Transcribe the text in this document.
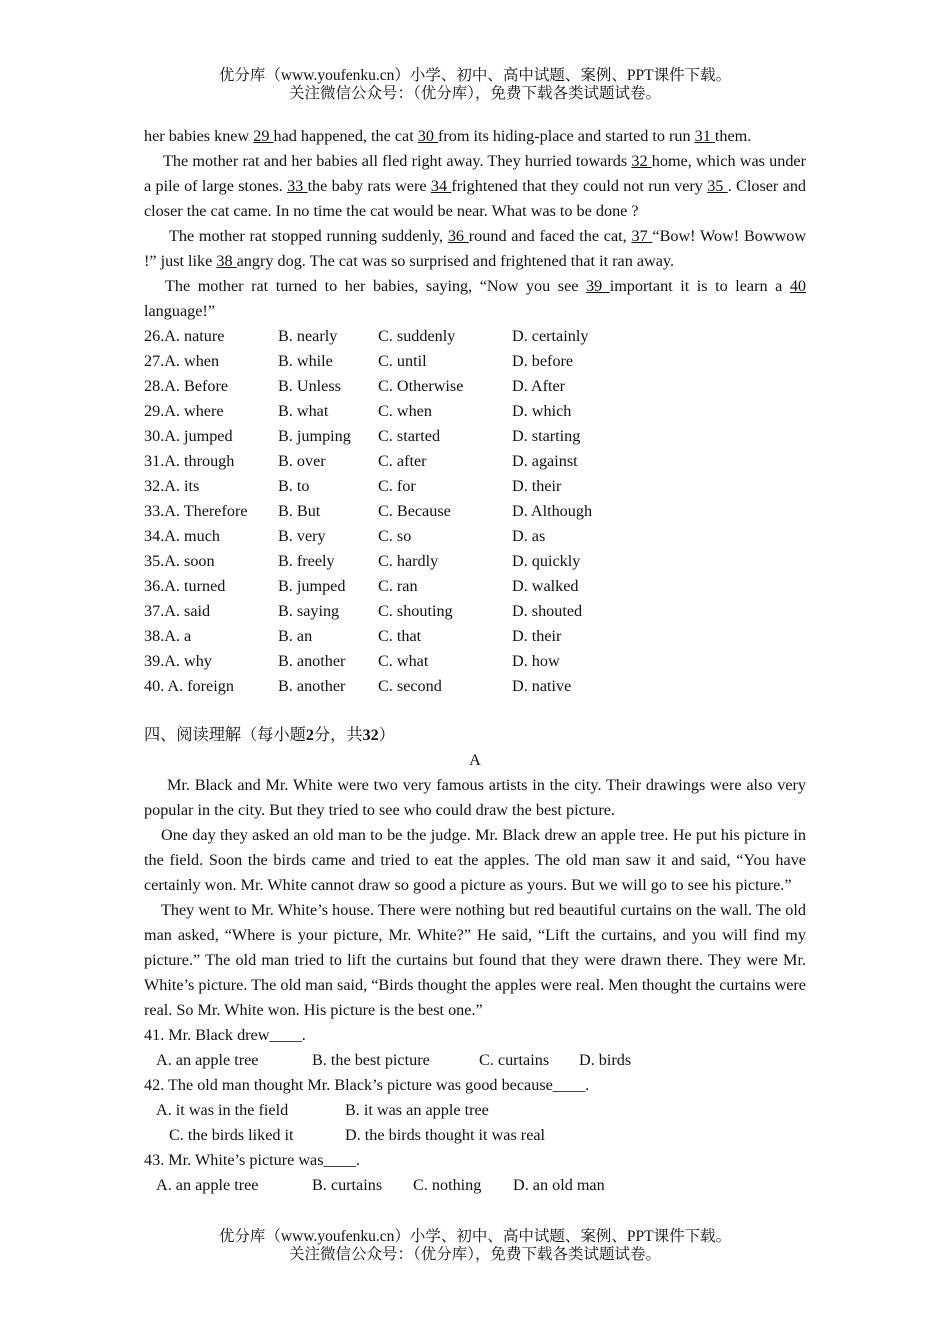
优分库（www.youfenku.cn）小学、初中、高中试题、案例、PPT课件下载。
关注微信公众号：（优分库），免费下载各类试题试卷。
her babies knew 29 had happened, the cat 30 from its hiding-place and started to run 31 them.
The mother rat and her babies all fled right away. They hurried towards 32 home, which was under a pile of large stones. 33 the baby rats were 34 frightened that they could not run very 35 . Closer and closer the cat came. In no time the cat would be near. What was to be done ?
The mother rat stopped running suddenly, 36 round and faced the cat, 37 “Bow! Wow! Bowwow !” just like 38 angry dog. The cat was so surprised and frightened that it ran away.
The mother rat turned to her babies, saying, “Now you see 39 important it is to learn a 40 language!”
26.A. nature	B. nearly	C. suddenly	D. certainly
27.A. when	B. while	C. until	D. before
28.A. Before	B. Unless	C. Otherwise	D. After
29.A. where	B. what	C. when	D. which
30.A. jumped	B. jumping	C. started	D. starting
31.A. through	B. over	C. after	D. against
32.A. its	B. to	C. for	D. their
33.A. Therefore	B. But	C. Because	D. Although
34.A. much	B. very	C. so	D. as
35.A. soon	B. freely	C. hardly	D. quickly
36.A. turned	B. jumped	C. ran	D. walked
37.A. said	B. saying	C. shouting	D. shouted
38.A. a	B. an	C. that	D. their
39.A. why	B. another	C. what	D. how
40. A. foreign	B. another	C. second	D. native
四、阅读理解（每小题2分，共32）
A
Mr. Black and Mr. White were two very famous artists in the city. Their drawings were also very popular in the city. But they tried to see who could draw the best picture.
One day they asked an old man to be the judge. Mr. Black drew an apple tree. He put his picture in the field. Soon the birds came and tried to eat the apples. The old man saw it and said, “You have certainly won. Mr. White cannot draw so good a picture as yours. But we will go to see his picture.”
They went to Mr. White’s house. There were nothing but red beautiful curtains on the wall. The old man asked, “Where is your picture, Mr. White?” He said, “Lift the curtains, and you will find my picture.” The old man tried to lift the curtains but found that they were drawn there. They were Mr. White’s picture. The old man said, “Birds thought the apples were real. Men thought the curtains were real. So Mr. White won. His picture is the best one.”
41. Mr. Black drew____.
A. an apple tree	B. the best picture	C. curtains D. birds
42. The old man thought Mr. Black’s picture was good because____.
A. it was in the field	B. it was an apple tree
C. the birds liked it	D. the birds thought it was real
43. Mr. White’s picture was____.
A. an apple tree	B. curtains C. nothing D. an old man
优分库（www.youfenku.cn）小学、初中、高中试题、案例、PPT课件下载。
关注微信公众号：（优分库），免费下载各类试题试卷。
